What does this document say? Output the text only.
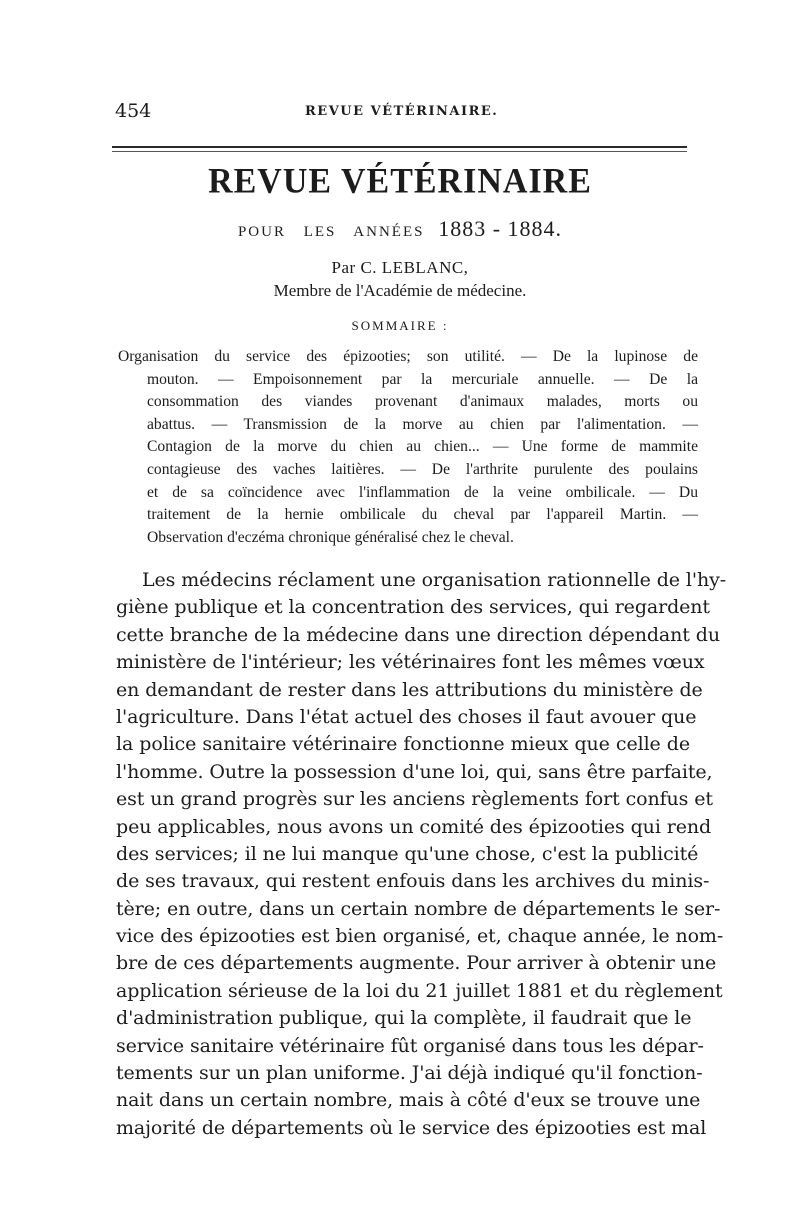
454	REVUE VÉTÉRINAIRE.
REVUE VÉTÉRINAIRE
POUR LES ANNÉES 1883 - 1884.
Par C. LEBLANC,
Membre de l'Académie de médecine.
SOMMAIRE :
Organisation du service des épizooties; son utilité. — De la lupinose de
mouton. — Empoisonnement par la mercuriale annuelle. — De la
consommation des viandes provenant d'animaux malades, morts ou
abattus. — Transmission de la morve au chien par l'alimentation. —
Contagion de la morve du chien au chien... — Une forme de mammite
contagieuse des vaches laitières. — De l'arthrite purulente des poulains
et de sa coïncidence avec l'inflammation de la veine ombilicale. — Du
traitement de la hernie ombilicale du cheval par l'appareil Martin. —
Observation d'eczéma chronique généralisé chez le cheval.
Les médecins réclament une organisation rationnelle de l'hy-
giène publique et la concentration des services, qui regardent
cette branche de la médecine dans une direction dépendant du
ministère de l'intérieur; les vétérinaires font les mêmes vœux
en demandant de rester dans les attributions du ministère de
l'agriculture. Dans l'état actuel des choses il faut avouer que
la police sanitaire vétérinaire fonctionne mieux que celle de
l'homme. Outre la possession d'une loi, qui, sans être parfaite,
est un grand progrès sur les anciens règlements fort confus et
peu applicables, nous avons un comité des épizooties qui rend
des services; il ne lui manque qu'une chose, c'est la publicité
de ses travaux, qui restent enfouis dans les archives du minis-
tère; en outre, dans un certain nombre de départements le ser-
vice des épizooties est bien organisé, et, chaque année, le nom-
bre de ces départements augmente. Pour arriver à obtenir une
application sérieuse de la loi du 21 juillet 1881 et du règlement
d'administration publique, qui la complète, il faudrait que le
service sanitaire vétérinaire fût organisé dans tous les dépar-
tements sur un plan uniforme. J'ai déjà indiqué qu'il fonction-
nait dans un certain nombre, mais à côté d'eux se trouve une
majorité de départements où le service des épizooties est mal
